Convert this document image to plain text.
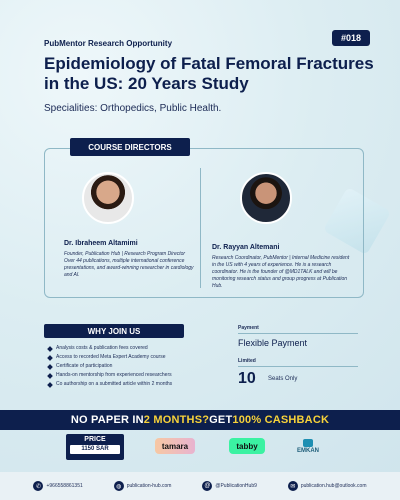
#018
PubMentor Research Opportunity
Epidemiology of Fatal Femoral Fractures in the US: 20 Years Study
Specialities: Orthopedics, Public Health.
COURSE DIRECTORS
Dr. Ibraheem Altamimi
Founder, Publication Hub | Research Program Director Over 44 publications, multiple international conference presentations, and award-winning researcher in cardiology and AI.
Dr. Rayyan Altemani
Research Coordinator, PubMentor | Internal Medicine resident in the US with 4 years of experience. He is a research coordinator. He is the founder of @MD1TALK and will be monitoring research status and group progress at Publication Hub.
WHY JOIN US
Analysis costs & publication fees covered
Access to recorded Meta Expert Academy course
Certificate of participation
Hands-on mentorship from experienced researchers
Co authorship on a submitted article within 2 months
Payment
Flexible Payment
Limited
10 Seats Only
NO PAPER IN 2 MONTHS? GET 100% CASHBACK
PRICE
1150 SAR	tamara	tabby	EMKAN
✆	+966558861351	◍	publication-hub.com	@ @PublicationHub9	✉	publication.hub@outlook.com
